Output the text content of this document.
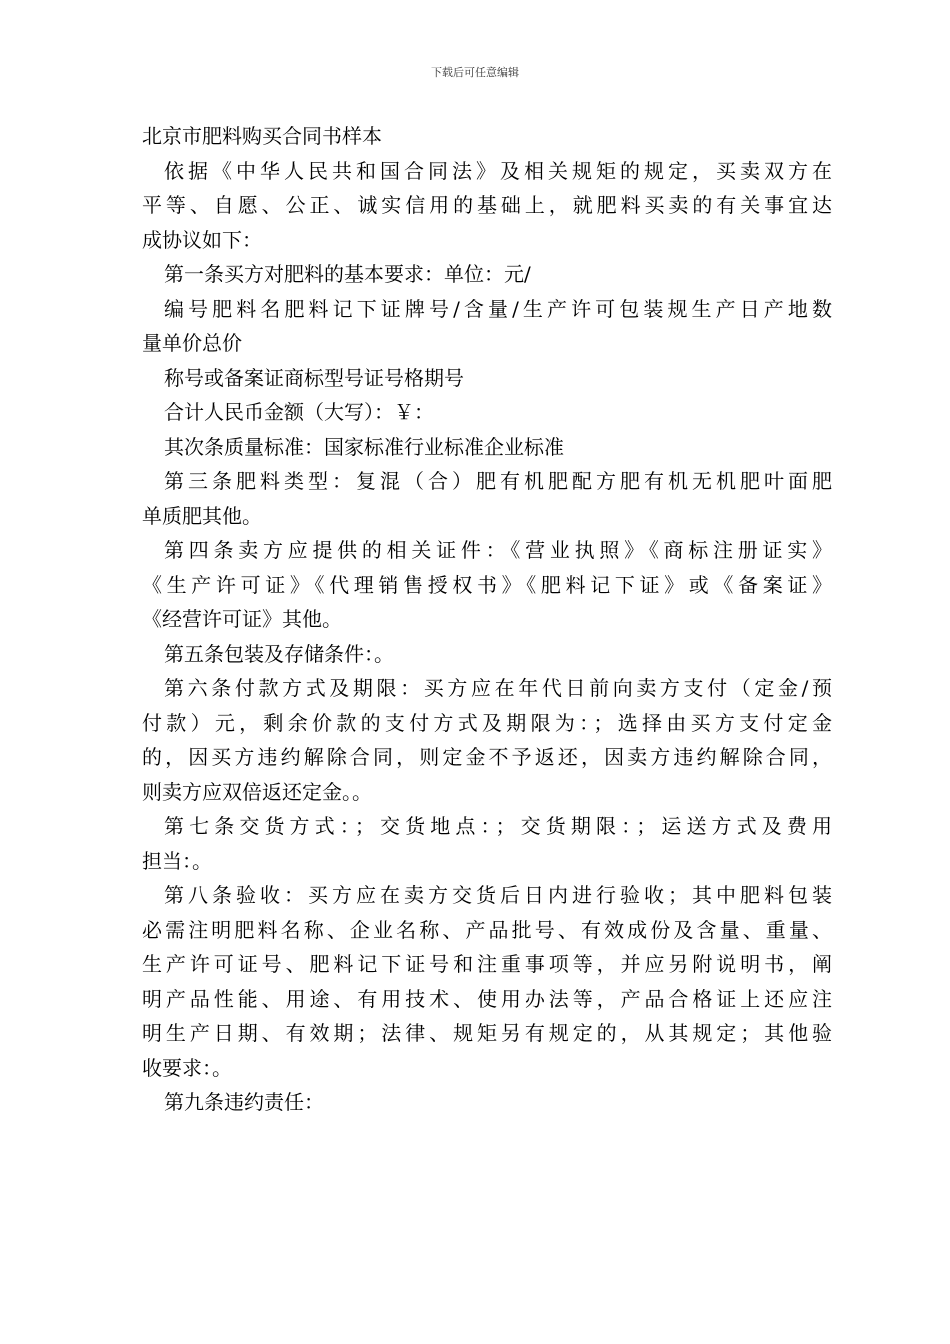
下载后可任意编辑
北京市肥料购买合同书样本
依据《中华人民共和国合同法》及相关规矩的规定，买卖双方在
平等、自愿、公正、诚实信用的基础上，就肥料买卖的有关事宜达
成协议如下：
第一条买方对肥料的基本要求：单位：元/
编号肥料名肥料记下证牌号/含量/生产许可包装规生产日产地数
量单价总价
称号或备案证商标型号证号格期号
合计人民币金额（大写）：￥：
其次条质量标准：国家标准行业标准企业标准
第三条肥料类型：复混（合）肥有机肥配方肥有机无机肥叶面肥
单质肥其他。
第四条卖方应提供的相关证件：《营业执照》《商标注册证实》
《生产许可证》《代理销售授权书》《肥料记下证》或《备案证》
《经营许可证》其他。
第五条包装及存储条件：。
第六条付款方式及期限：买方应在年代日前向卖方支付（定金/预
付款）元，剩余价款的支付方式及期限为：；选择由买方支付定金
的，因买方违约解除合同，则定金不予返还，因卖方违约解除合同，
则卖方应双倍返还定金。。
第七条交货方式：；交货地点：；交货期限：；运送方式及费用
担当：。
第八条验收：买方应在卖方交货后日内进行验收；其中肥料包装
必需注明肥料名称、企业名称、产品批号、有效成份及含量、重量、
生产许可证号、肥料记下证号和注重事项等，并应另附说明书，阐
明产品性能、用途、有用技术、使用办法等，产品合格证上还应注
明生产日期、有效期；法律、规矩另有规定的，从其规定；其他验
收要求：。
第九条违约责任：
